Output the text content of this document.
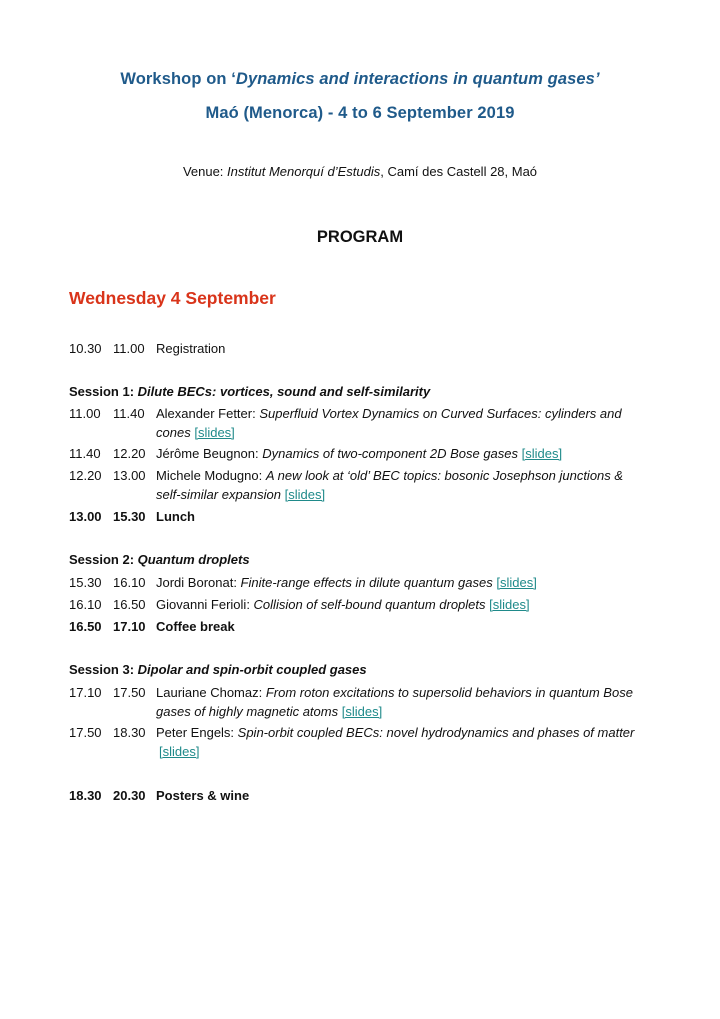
Workshop on ‘Dynamics and interactions in quantum gases’
Maó (Menorca) - 4 to 6 September 2019
Venue: Institut Menorquí d’Estudis, Camí des Castell 28, Maó
PROGRAM
Wednesday 4 September
10.30 11.00 Registration
Session 1: Dilute BECs: vortices, sound and self-similarity
11.00 11.40 Alexander Fetter: Superfluid Vortex Dynamics on Curved Surfaces: cylinders and
cones [slides]
11.40 12.20 Jérôme Beugnon: Dynamics of two-component 2D Bose gases [slides]
12.20 13.00 Michele Modugno: A new look at ‘old’ BEC topics: bosonic Josephson junctions &
self-similar expansion [slides]
13.00 15.30 Lunch
Session 2: Quantum droplets
15.30 16.10 Jordi Boronat: Finite-range effects in dilute quantum gases [slides]
16.10 16.50 Giovanni Ferioli: Collision of self-bound quantum droplets [slides]
16.50 17.10 Coffee break
Session 3: Dipolar and spin-orbit coupled gases
17.10 17.50 Lauriane Chomaz: From roton excitations to supersolid behaviors in quantum Bose
gases of highly magnetic atoms [slides]
17.50 18.30 Peter Engels: Spin-orbit coupled BECs: novel hydrodynamics and phases of matter
[slides]
18.30 20.30 Posters & wine
